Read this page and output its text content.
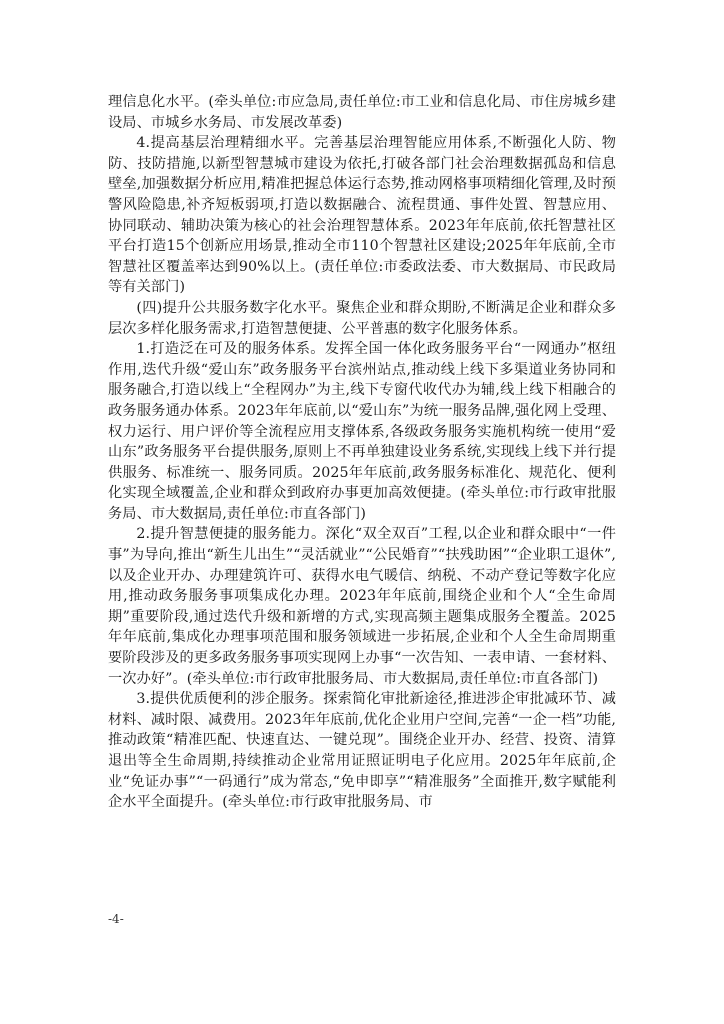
理信息化水平。(牵头单位:市应急局,责任单位:市工业和信息化局、市住房城乡建设局、市城乡水务局、市发展改革委)

4.提高基层治理精细水平。完善基层治理智能应用体系,不断强化人防、物防、技防措施,以新型智慧城市建设为依托,打破各部门社会治理数据孤岛和信息壁垒,加强数据分析应用,精准把握总体运行态势,推动网格事项精细化管理,及时预警风险隐患,补齐短板弱项,打造以数据融合、流程贯通、事件处置、智慧应用、协同联动、辅助决策为核心的社会治理智慧体系。2023年年底前,依托智慧社区平台打造15个创新应用场景,推动全市110个智慧社区建设;2025年年底前,全市智慧社区覆盖率达到90%以上。(责任单位:市委政法委、市大数据局、市民政局等有关部门)

(四)提升公共服务数字化水平。聚焦企业和群众期盼,不断满足企业和群众多层次多样化服务需求,打造智慧便捷、公平普惠的数字化服务体系。

1.打造泛在可及的服务体系。发挥全国一体化政务服务平台“一网通办”枢纽作用,迭代升级“爱山东”政务服务平台滨州站点,推动线上线下多渠道业务协同和服务融合,打造以线上“全程网办”为主,线下专窗代收代办为辅,线上线下相融合的政务服务通办体系。2023年年底前,以“爱山东”为统一服务品牌,强化网上受理、权力运行、用户评价等全流程应用支撑体系,各级政务服务实施机构统一使用“爱山东”政务服务平台提供服务,原则上不再单独建设业务系统,实现线上线下并行提供服务、标准统一、服务同质。2025年年底前,政务服务标准化、规范化、便利化实现全域覆盖,企业和群众到政府办事更加高效便捷。(牵头单位:市行政审批服务局、市大数据局,责任单位:市直各部门)

2.提升智慧便捷的服务能力。深化“双全双百”工程,以企业和群众眼中“一件事”为导向,推出“新生儿出生”“灵活就业”“公民婚育”“扶残助困”“企业职工退休”,以及企业开办、办理建筑许可、获得水电气暖信、纳税、不动产登记等数字化应用,推动政务服务事项集成化办理。2023年年底前,围绕企业和个人“全生命周期”重要阶段,通过迭代升级和新增的方式,实现高频主题集成服务全覆盖。2025年年底前,集成化办理事项范围和服务领域进一步拓展,企业和个人全生命周期重要阶段涉及的更多政务服务事项实现网上办事“一次告知、一表申请、一套材料、一次办好”。(牵头单位:市行政审批服务局、市大数据局,责任单位:市直各部门)

3.提供优质便利的涉企服务。探索简化审批新途径,推进涉企审批减环节、减材料、减时限、减费用。2023年年底前,优化企业用户空间,完善“一企一档”功能,推动政策“精准匹配、快速直达、一键兑现”。围绕企业开办、经营、投资、清算退出等全生命周期,持续推动企业常用证照证明电子化应用。2025年年底前,企业“免证办事”“一码通行”成为常态,“免申即享”“精准服务”全面推开,数字赋能利企水平全面提升。(牵头单位:市行政审批服务局、市

-4-
